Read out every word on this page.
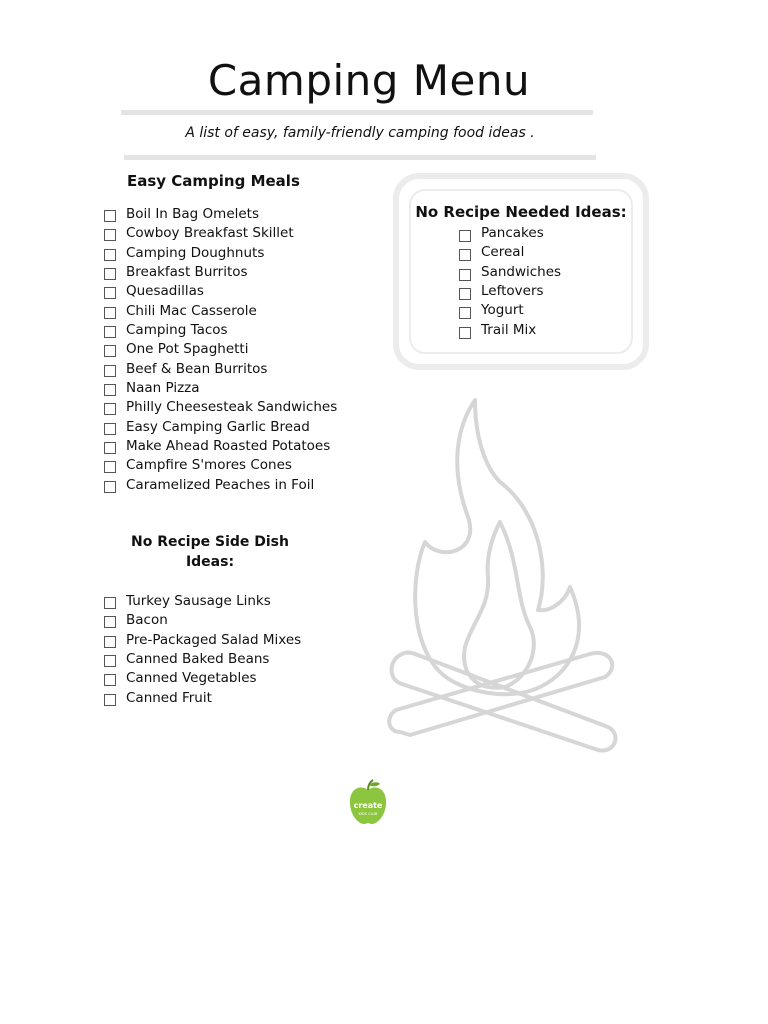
Camping Menu
A list of easy, family-friendly camping food ideas .
Easy Camping Meals
Boil In Bag Omelets
Cowboy Breakfast Skillet
Camping Doughnuts
Breakfast Burritos
Quesadillas
Chili Mac Casserole
Camping Tacos
One Pot Spaghetti
Beef & Bean Burritos
Naan Pizza
Philly Cheesesteak Sandwiches
Easy Camping Garlic Bread
Make Ahead Roasted Potatoes
Campfire S'mores Cones
Caramelized Peaches in Foil
No Recipe Needed Ideas:
Pancakes
Cereal
Sandwiches
Leftovers
Yogurt
Trail Mix
No Recipe Side Dish
Ideas:
Turkey Sausage Links
Bacon
Pre-Packaged Salad Mixes
Canned Baked Beans
Canned Vegetables
Canned Fruit
create
KIDS CLUB
